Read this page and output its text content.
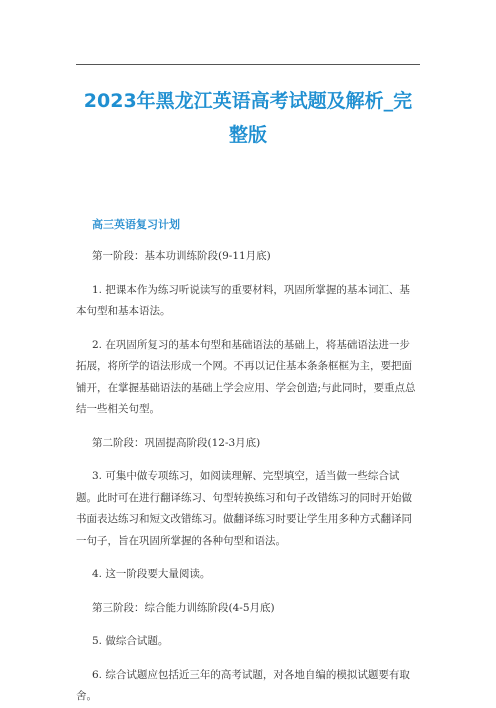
2023年黑龙江英语高考试题及解析_完整版
高三英语复习计划

第一阶段：基本功训练阶段(9-11月底)

1. 把课本作为练习听说读写的重要材料，巩固所掌握的基本词汇、基本句型和基本语法。

2. 在巩固所复习的基本句型和基础语法的基础上，将基础语法进一步拓展，将所学的语法形成一个网。不再以记住基本条条框框为主，要把面铺开，在掌握基础语法的基础上学会应用、学会创造;与此同时，要重点总结一些相关句型。

第二阶段：巩固提高阶段(12-3月底)

3. 可集中做专项练习，如阅读理解、完型填空，适当做一些综合试题。此时可在进行翻译练习、句型转换练习和句子改错练习的同时开始做书面表达练习和短文改错练习。做翻译练习时要让学生用多种方式翻译同一句子，旨在巩固所掌握的各种句型和语法。

4. 这一阶段要大量阅读。

第三阶段：综合能力训练阶段(4-5月底)

5. 做综合试题。

6. 综合试题应包括近三年的高考试题，对各地自编的模拟试题要有取舍。
